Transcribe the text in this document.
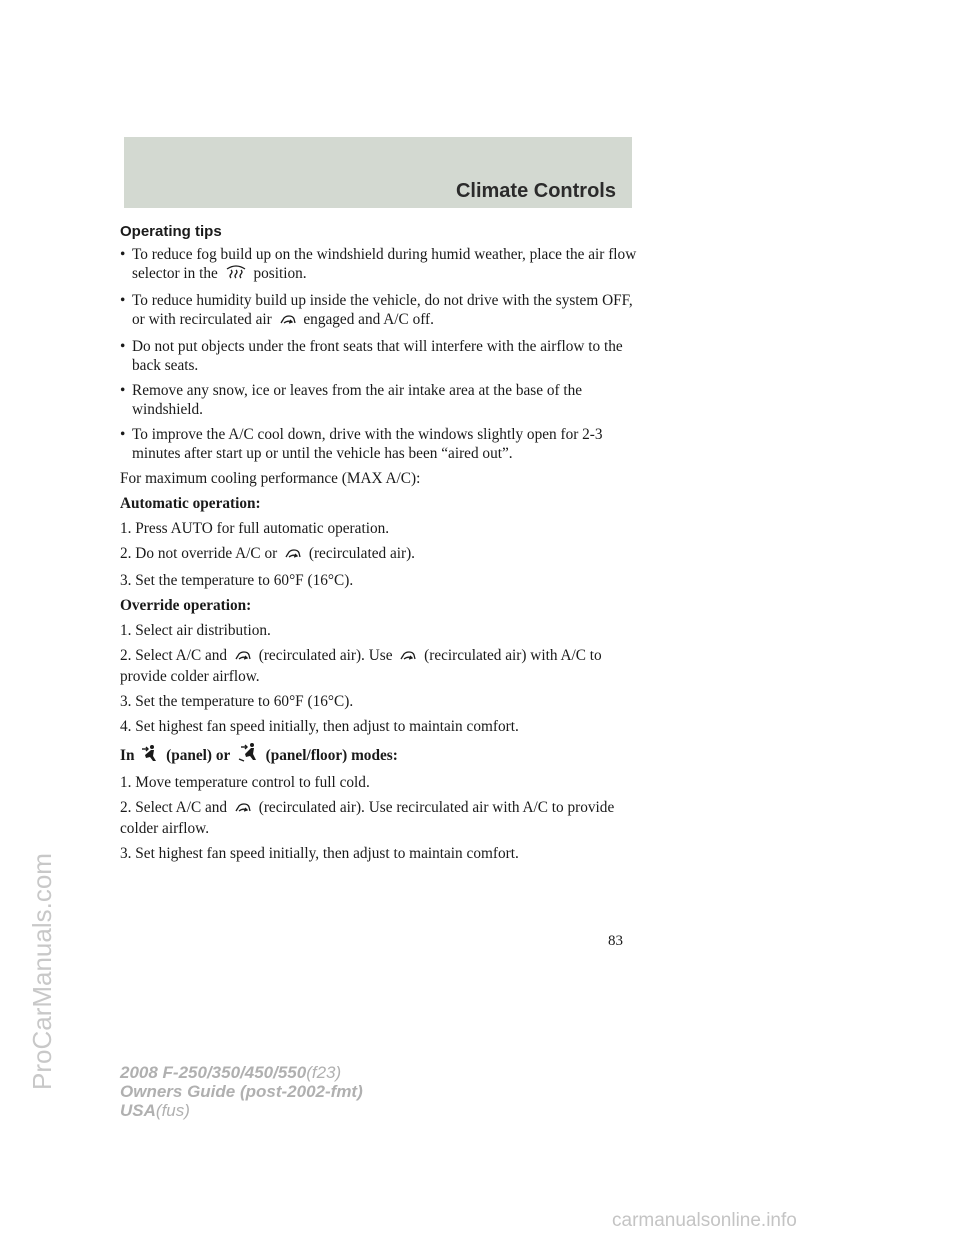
Climate Controls
ProCarManuals.com
Operating tips
• To reduce fog build up on the windshield during humid weather, place the air flow selector in the position.
• To reduce humidity build up inside the vehicle, do not drive with the system OFF, or with recirculated air engaged and A/C off.
• Do not put objects under the front seats that will interfere with the airflow to the back seats.
• Remove any snow, ice or leaves from the air intake area at the base of the windshield.
• To improve the A/C cool down, drive with the windows slightly open for 2-3 minutes after start up or until the vehicle has been “aired out”.

For maximum cooling performance (MAX A/C):

Automatic operation:

1. Press AUTO for full automatic operation.

2. Do not override A/C or (recirculated air).

3. Set the temperature to 60°F (16°C).

Override operation:

1. Select air distribution.

2. Select A/C and (recirculated air). Use (recirculated air) with A/C to provide colder airflow.

3. Set the temperature to 60°F (16°C).

4. Set highest fan speed initially, then adjust to maintain comfort.

In (panel) or (panel/floor) modes:

1. Move temperature control to full cold.

2. Select A/C and (recirculated air). Use recirculated air with A/C to provide colder airflow.

3. Set highest fan speed initially, then adjust to maintain comfort.

83
2008 F-250/350/450/550(f23)
Owners Guide (post-2002-fmt)
USA(fus)
carmanualsonline.info
